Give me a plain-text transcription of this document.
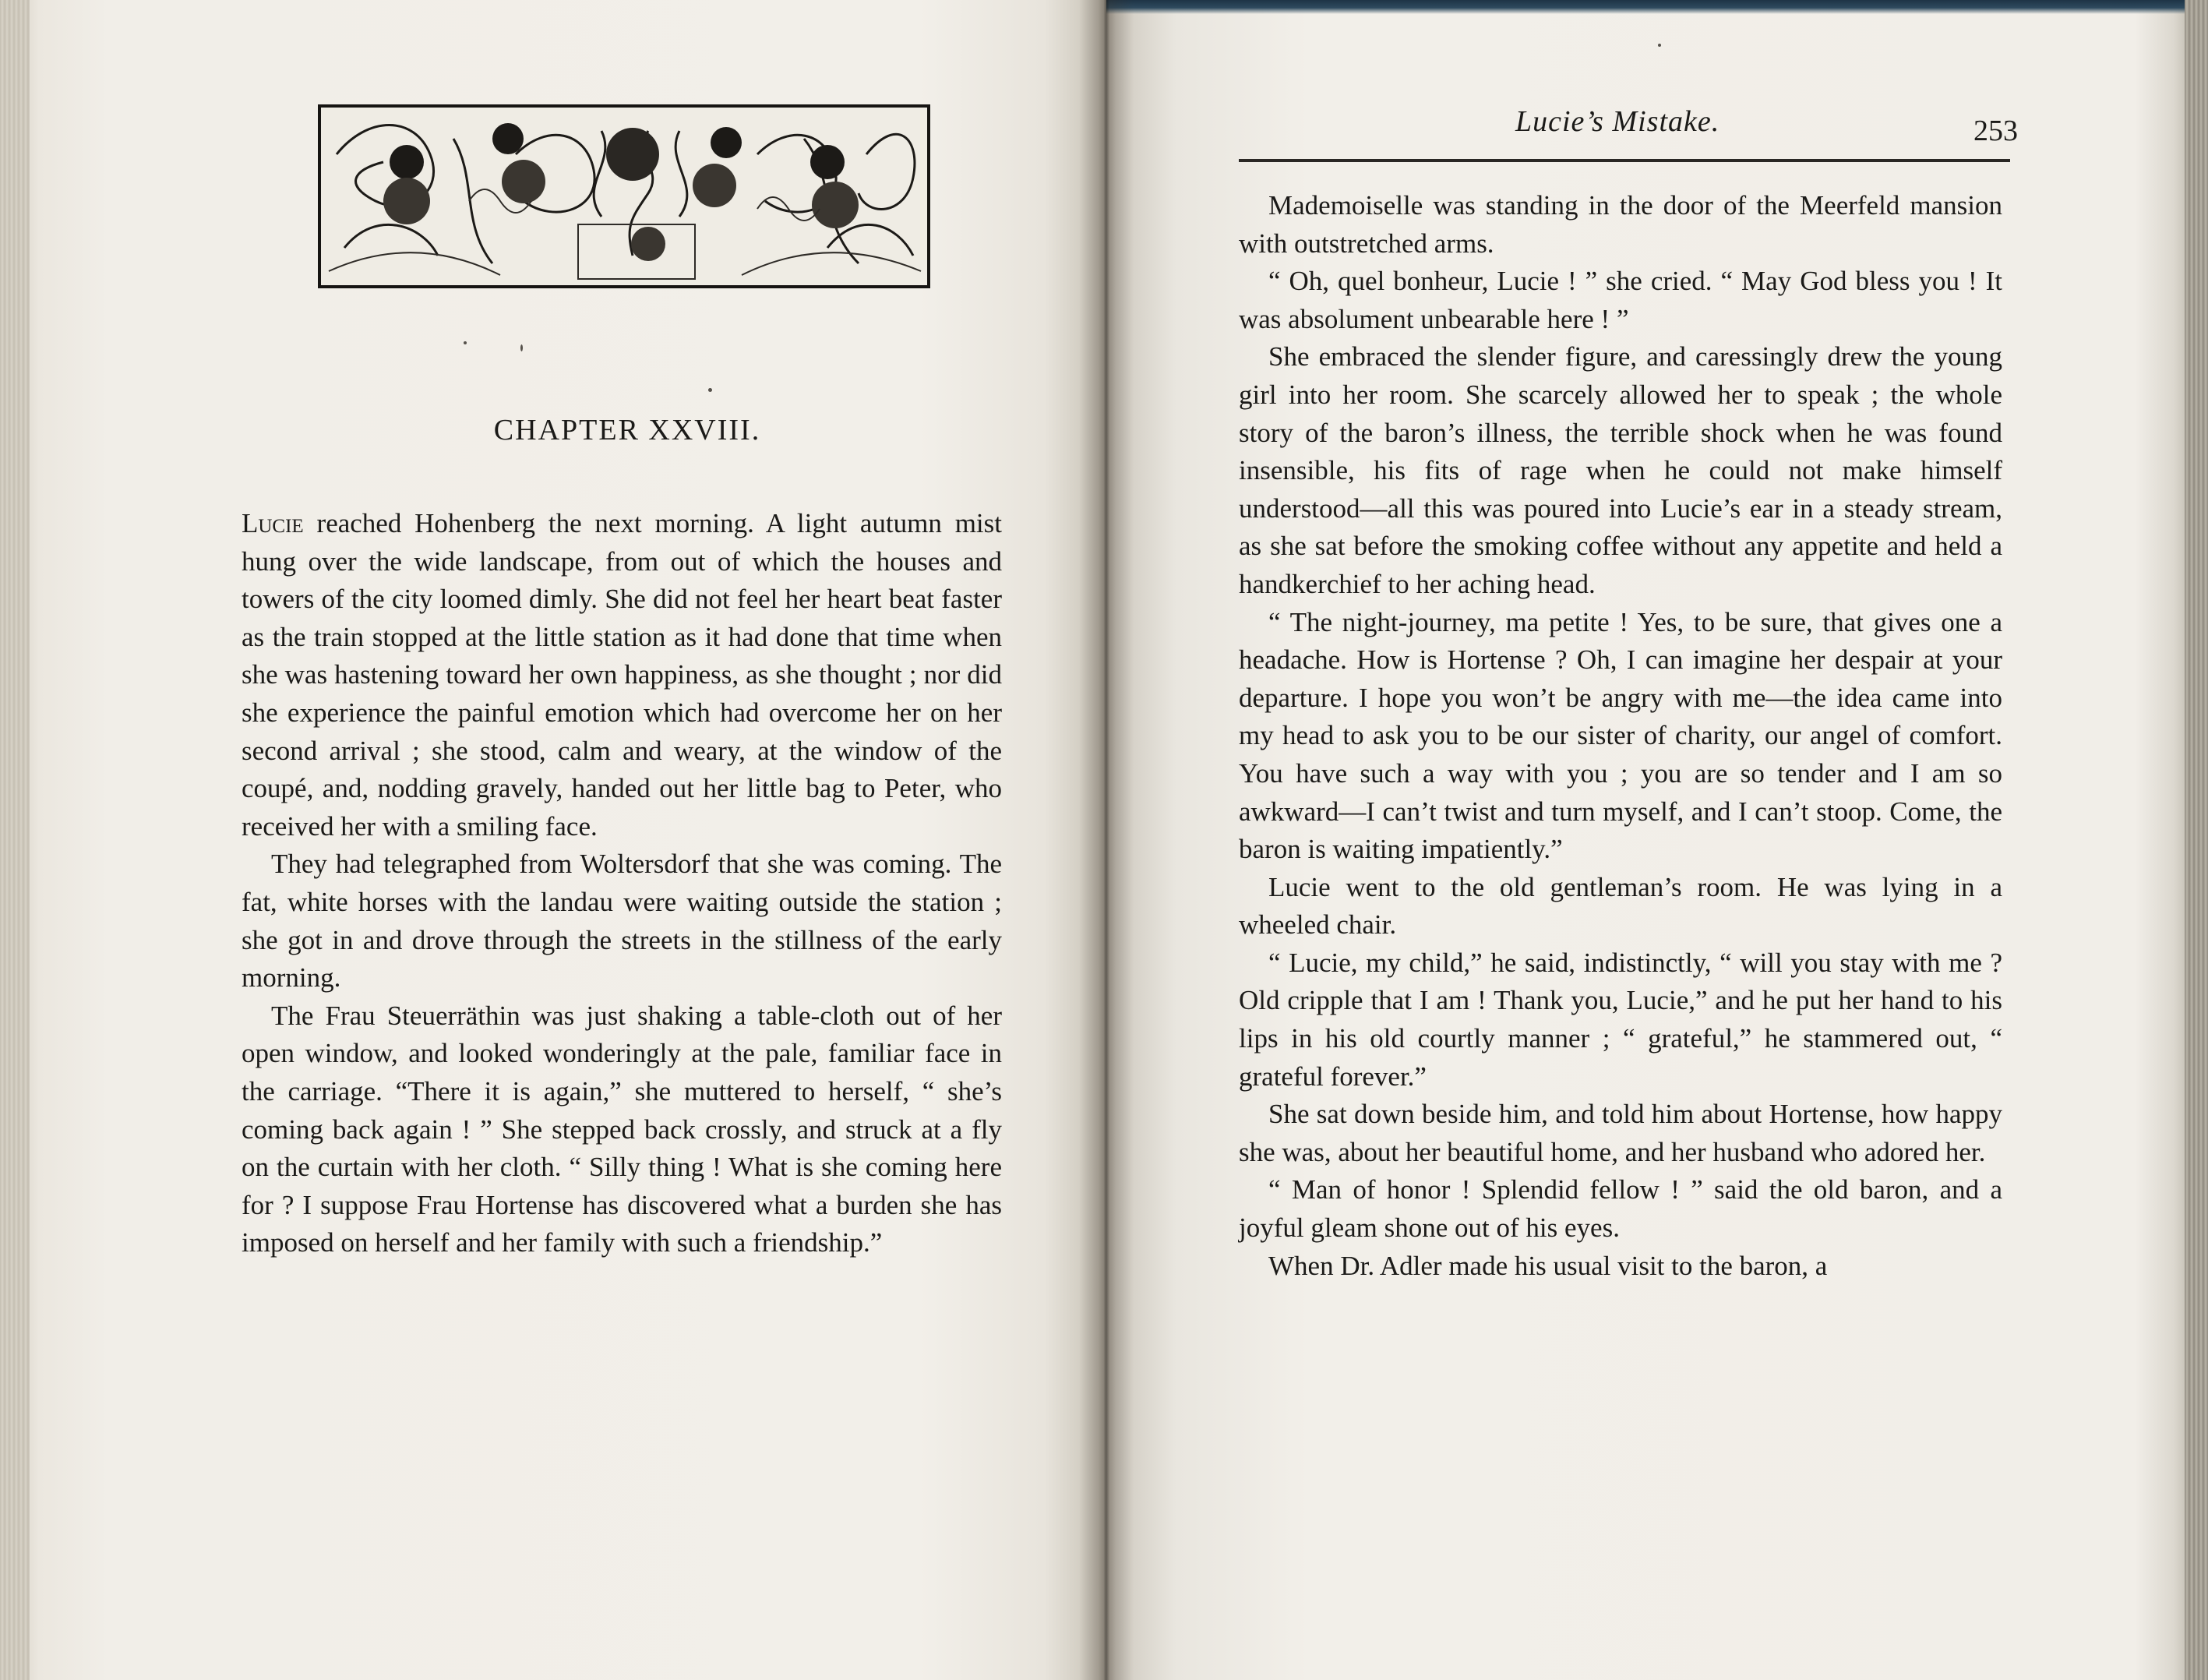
CHAPTER XXVIII.

Lucie reached Hohenberg the next morning. A light autumn mist hung over the wide landscape, from out of which the houses and towers of the city loomed dimly. She did not feel her heart beat faster as the train stopped at the little station as it had done that time when she was hastening toward her own happiness, as she thought ; nor did she experience the painful emotion which had overcome her on her second arrival ; she stood, calm and weary, at the window of the coupé, and, nodding gravely, handed out her little bag to Peter, who received her with a smiling face.

They had telegraphed from Woltersdorf that she was coming. The fat, white horses with the landau were waiting outside the station ; she got in and drove through the streets in the stillness of the early morning.

The Frau Steuerräthin was just shaking a table-cloth out of her open window, and looked wonderingly at the pale, familiar face in the carriage. “There it is again,” she muttered to herself, “ she’s coming back again ! ” She stepped back crossly, and struck at a fly on the curtain with her cloth. “ Silly thing ! What is she coming here for ? I suppose Frau Hortense has discovered what a burden she has imposed on herself and her family with such a friendship.”

Lucie’s Mistake.	253

Mademoiselle was standing in the door of the Meerfeld mansion with outstretched arms.

“ Oh, quel bonheur, Lucie ! ” she cried. “ May God bless you ! It was absolument unbearable here ! ”

She embraced the slender figure, and caressingly drew the young girl into her room. She scarcely allowed her to speak ; the whole story of the baron’s illness, the terrible shock when he was found insensible, his fits of rage when he could not make himself understood—all this was poured into Lucie’s ear in a steady stream, as she sat before the smoking coffee without any appetite and held a handkerchief to her aching head.

“ The night-journey, ma petite ! Yes, to be sure, that gives one a headache. How is Hortense ? Oh, I can imagine her despair at your departure. I hope you won’t be angry with me—the idea came into my head to ask you to be our sister of charity, our angel of comfort. You have such a way with you ; you are so tender and I am so awkward—I can’t twist and turn myself, and I can’t stoop. Come, the baron is waiting impatiently.”

Lucie went to the old gentleman’s room. He was lying in a wheeled chair.

“ Lucie, my child,” he said, indistinctly, “ will you stay with me ? Old cripple that I am ! Thank you, Lucie,” and he put her hand to his lips in his old courtly manner ; “ grateful,” he stammered out, “ grateful forever.”

She sat down beside him, and told him about Hortense, how happy she was, about her beautiful home, and her husband who adored her.

“ Man of honor ! Splendid fellow ! ” said the old baron, and a joyful gleam shone out of his eyes.

When Dr. Adler made his usual visit to the baron, a
